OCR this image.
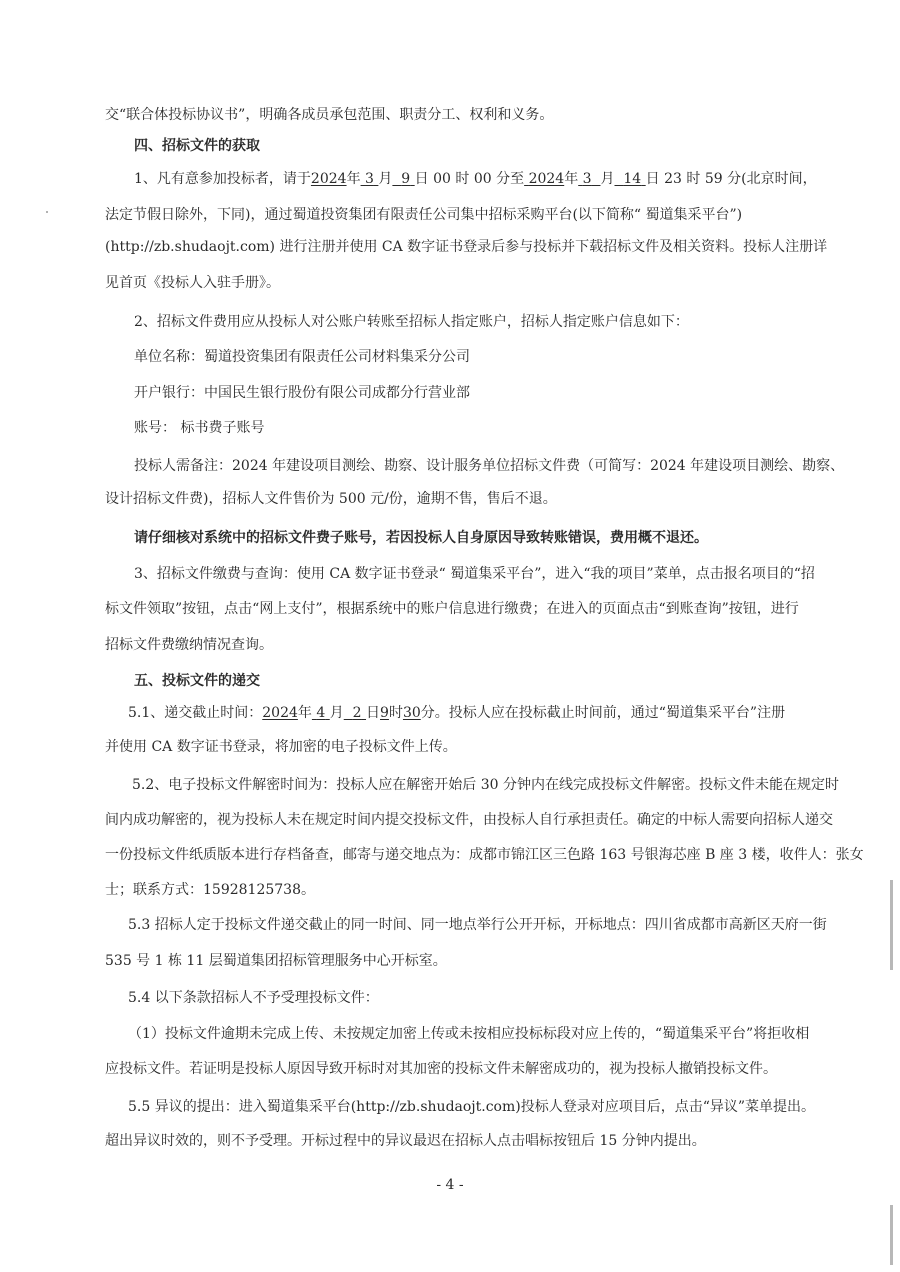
交“联合体投标协议书”，明确各成员承包范围、职责分工、权利和义务。
四、招标文件的获取
1、凡有意参加投标者，请于2024年 3 月 9 日 00 时 00 分至 2024年 3 月 14 日 23 时 59 分(北京时间，
法定节假日除外，下同)，通过蜀道投资集团有限责任公司集中招标采购平台(以下简称“ 蜀道集采平台”)
(http://zb.shudaojt.com) 进行注册并使用 CA 数字证书登录后参与投标并下载招标文件及相关资料。投标人注册详
见首页《投标人入驻手册》。
2、招标文件费用应从投标人对公账户转账至招标人指定账户，招标人指定账户信息如下：
单位名称：蜀道投资集团有限责任公司材料集采分公司
开户银行：中国民生银行股份有限公司成都分行营业部
账号： 标书费子账号
投标人需备注：2024 年建设项目测绘、勘察、设计服务单位招标文件费（可简写：2024 年建设项目测绘、勘察、
设计招标文件费)，招标人文件售价为 500 元/份，逾期不售，售后不退。
请仔细核对系统中的招标文件费子账号，若因投标人自身原因导致转账错误，费用概不退还。
3、招标文件缴费与查询：使用 CA 数字证书登录“ 蜀道集采平台”，进入“我的项目”菜单，点击报名项目的“招
标文件领取”按钮，点击“网上支付”，根据系统中的账户信息进行缴费；在进入的页面点击“到账查询”按钮，进行
招标文件费缴纳情况查询。
五、投标文件的递交
5.1、递交截止时间：2024年 4 月 2 日9时30分。投标人应在投标截止时间前，通过“蜀道集采平台”注册
并使用 CA 数字证书登录，将加密的电子投标文件上传。
5.2、电子投标文件解密时间为：投标人应在解密开始后 30 分钟内在线完成投标文件解密。投标文件未能在规定时
间内成功解密的，视为投标人未在规定时间内提交投标文件，由投标人自行承担责任。确定的中标人需要向招标人递交
一份投标文件纸质版本进行存档备查，邮寄与递交地点为：成都市锦江区三色路 163 号银海芯座 B 座 3 楼，收件人：张女
士；联系方式：15928125738。
5.3 招标人定于投标文件递交截止的同一时间、同一地点举行公开开标，开标地点：四川省成都市高新区天府一街
535 号 1 栋 11 层蜀道集团招标管理服务中心开标室。
5.4 以下条款招标人不予受理投标文件：
（1）投标文件逾期未完成上传、未按规定加密上传或未按相应投标标段对应上传的，“蜀道集采平台”将拒收相
应投标文件。若证明是投标人原因导致开标时对其加密的投标文件未解密成功的，视为投标人撤销投标文件。
5.5 异议的提出：进入蜀道集采平台(http://zb.shudaojt.com)投标人登录对应项目后，点击“异议”菜单提出。
超出异议时效的，则不予受理。开标过程中的异议最迟在招标人点击唱标按钮后 15 分钟内提出。
- 4 -
